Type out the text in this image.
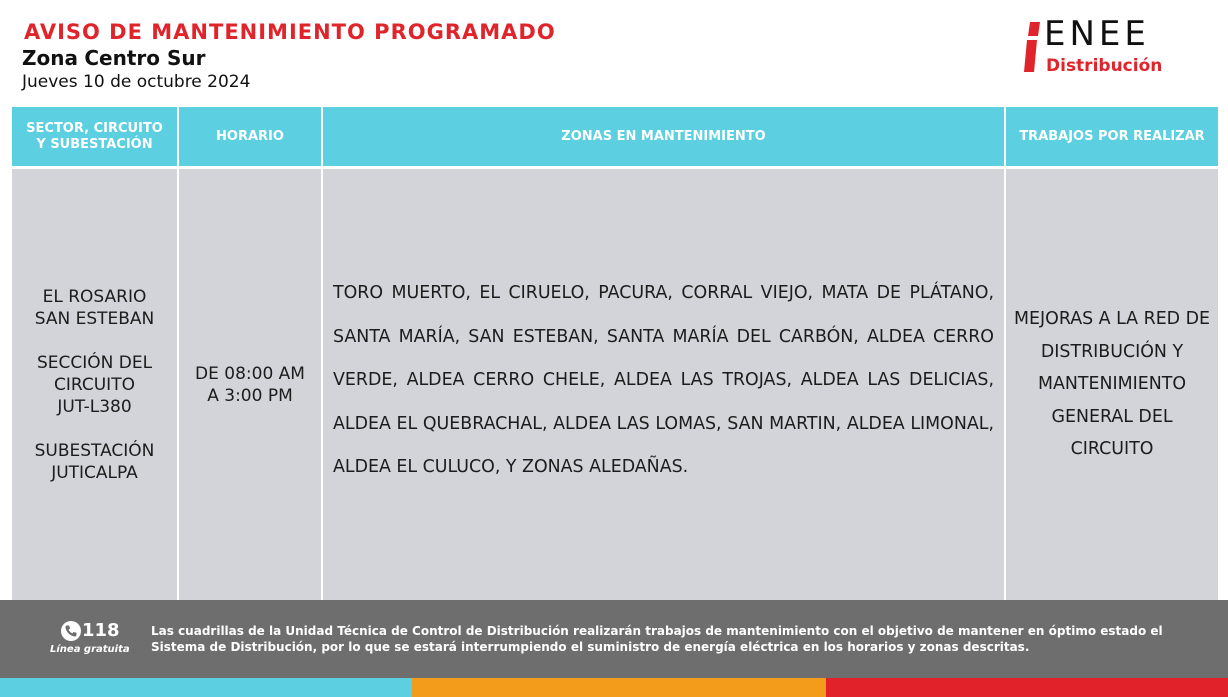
AVISO DE MANTENIMIENTO PROGRAMADO
Zona Centro Sur
Jueves 10 de octubre 2024
ENEE
Distribución
SECTOR, CIRCUITO Y SUBESTACIÓN
HORARIO	ZONAS EN MANTENIMIENTO	TRABAJOS POR REALIZAR
EL ROSARIO
SAN ESTEBAN

SECCIÓN DEL
CIRCUITO
JUT-L380

SUBESTACIÓN
JUTICALPA
DE 08:00 AM
A 3:00 PM
TORO MUERTO, EL CIRUELO, PACURA, CORRAL VIEJO, MATA DE PLÁTANO, SANTA MARÍA, SAN ESTEBAN, SANTA MARÍA DEL CARBÓN, ALDEA CERRO VERDE, ALDEA CERRO CHELE, ALDEA LAS TROJAS, ALDEA LAS DELICIAS, ALDEA EL QUEBRACHAL, ALDEA LAS LOMAS, SAN MARTIN, ALDEA LIMONAL, ALDEA EL CULUCO, Y ZONAS ALEDAÑAS.
MEJORAS A LA RED DE DISTRIBUCIÓN Y MANTENIMIENTO GENERAL DEL CIRCUITO
118
Línea gratuita
Las cuadrillas de la Unidad Técnica de Control de Distribución realizarán trabajos de mantenimiento con el objetivo de mantener en óptimo estado el Sistema de Distribución, por lo que se estará interrumpiendo el suministro de energía eléctrica en los horarios y zonas descritas.
